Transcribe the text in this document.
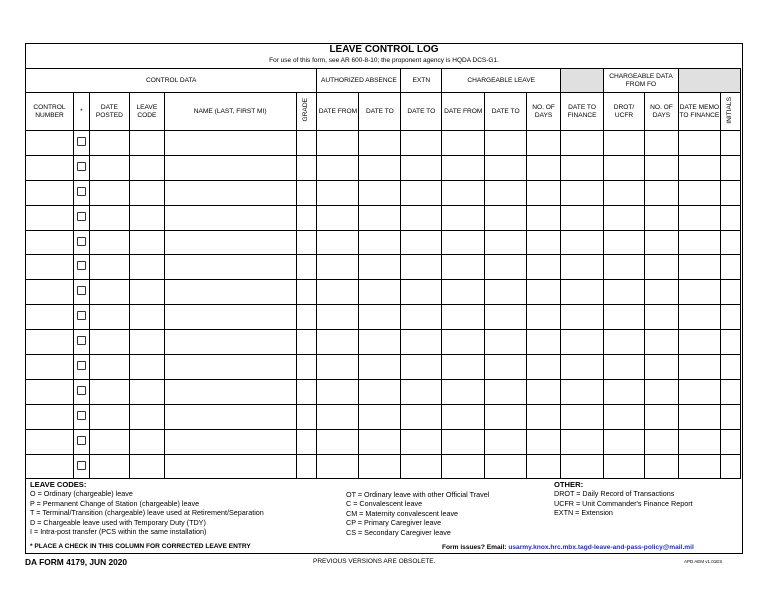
LEAVE CONTROL LOG
For use of this form, see AR 600-8-10; the proponent agency is HQDA DCS-G1.
CONTROL DATA						AUTHORIZED ABSENCE		EXTN	CHARGEABLE LEAVE				CHARGEABLE DATA FROM FO			
CONTROL NUMBER	*	DATE POSTED	LEAVE CODE	NAME (LAST, FIRST MI)	GRADE	DATE FROM	DATE TO	DATE TO	DATE FROM	DATE TO	NO. OF DAYS	DATE TO FINANCE	DROT/ UCFR	NO. OF DAYS	DATE MEMO TO FINANCE	INITIALS

LEAVE CODES:
O = Ordinary (chargeable) leave
P = Permanent Change of Station (chargeable) leave
T = Terminal/Transition (chargeable) leave used at Retirement/Separation
D = Chargeable leave used with Temporary Duty (TDY)
I = Intra-post transfer (PCS within the same installation)
OT = Ordinary leave with other Official Travel
C = Convalescent leave
CM = Maternity convalescent leave
CP = Primary Caregiver leave
CS = Secondary Caregiver leave
OTHER:
DROT = Daily Record of Transactions
UCFR = Unit Commander's Finance Report
EXTN = Extension
* PLACE A CHECK IN THIS COLUMN FOR CORRECTED LEAVE ENTRY	Form issues? Email: usarmy.knox.hrc.mbx.tagd-leave-and-pass-policy@mail.mil
DA FORM 4179, JUN 2020	PREVIOUS VERSIONS ARE OBSOLETE.	APD AEM v1.01ES
